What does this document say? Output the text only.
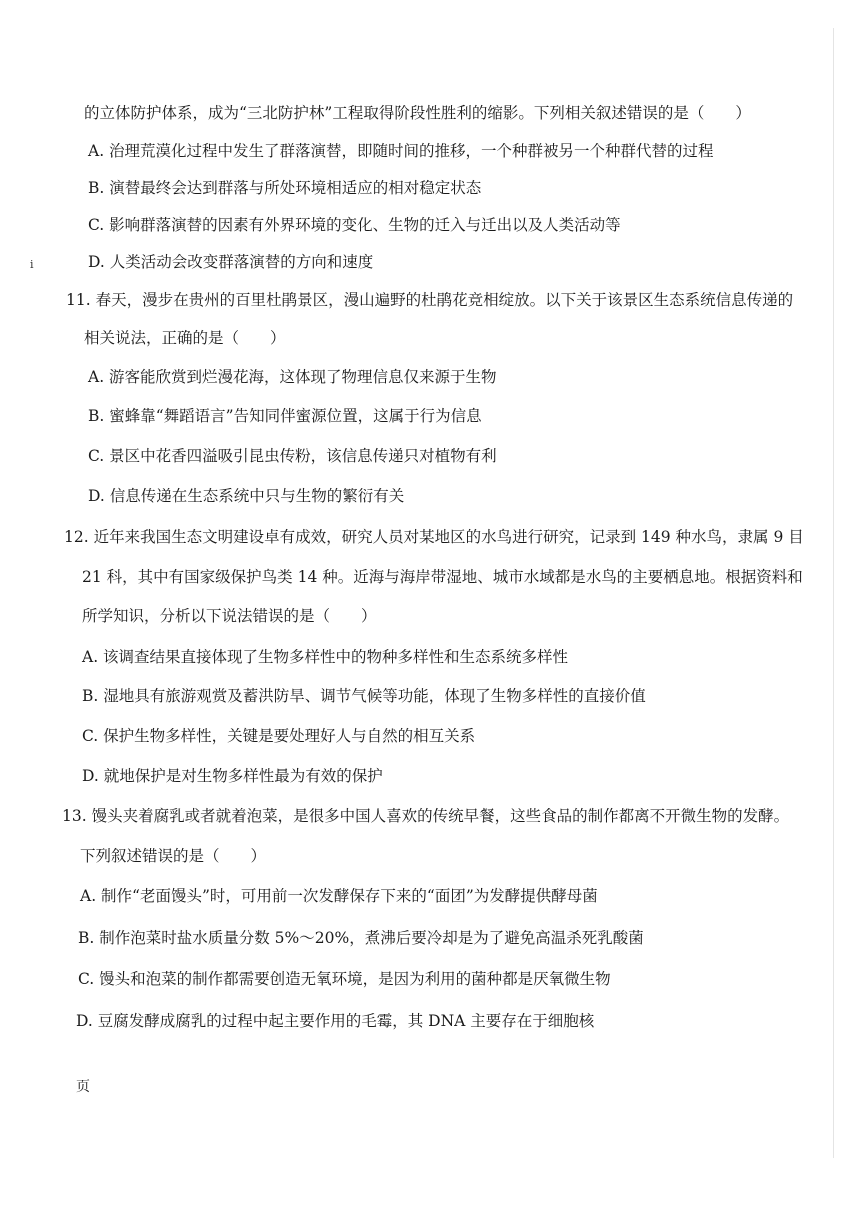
i
的立体防护体系，成为“三北防护林”工程取得阶段性胜利的缩影。下列相关叙述错误的是（　　）
A. 治理荒漠化过程中发生了群落演替，即随时间的推移，一个种群被另一个种群代替的过程
B. 演替最终会达到群落与所处环境相适应的相对稳定状态
C. 影响群落演替的因素有外界环境的变化、生物的迁入与迁出以及人类活动等
D. 人类活动会改变群落演替的方向和速度
11. 春天，漫步在贵州的百里杜鹃景区，漫山遍野的杜鹃花竞相绽放。以下关于该景区生态系统信息传递的
相关说法，正确的是（　　）
A. 游客能欣赏到烂漫花海，这体现了物理信息仅来源于生物
B. 蜜蜂靠“舞蹈语言”告知同伴蜜源位置，这属于行为信息
C. 景区中花香四溢吸引昆虫传粉，该信息传递只对植物有利
D. 信息传递在生态系统中只与生物的繁衍有关
12. 近年来我国生态文明建设卓有成效，研究人员对某地区的水鸟进行研究，记录到 149 种水鸟，隶属 9 目
21 科，其中有国家级保护鸟类 14 种。近海与海岸带湿地、城市水域都是水鸟的主要栖息地。根据资料和
所学知识，分析以下说法错误的是（　　）
A. 该调查结果直接体现了生物多样性中的物种多样性和生态系统多样性
B. 湿地具有旅游观赏及蓄洪防旱、调节气候等功能，体现了生物多样性的直接价值
C. 保护生物多样性，关键是要处理好人与自然的相互关系
D. 就地保护是对生物多样性最为有效的保护
13. 馒头夹着腐乳或者就着泡菜，是很多中国人喜欢的传统早餐，这些食品的制作都离不开微生物的发酵。
下列叙述错误的是（　　）
A. 制作“老面馒头”时，可用前一次发酵保存下来的“面团”为发酵提供酵母菌
B. 制作泡菜时盐水质量分数 5%～20%，煮沸后要冷却是为了避免高温杀死乳酸菌
C. 馒头和泡菜的制作都需要创造无氧环境，是因为利用的菌种都是厌氧微生物
D. 豆腐发酵成腐乳的过程中起主要作用的毛霉，其 DNA 主要存在于细胞核
页
